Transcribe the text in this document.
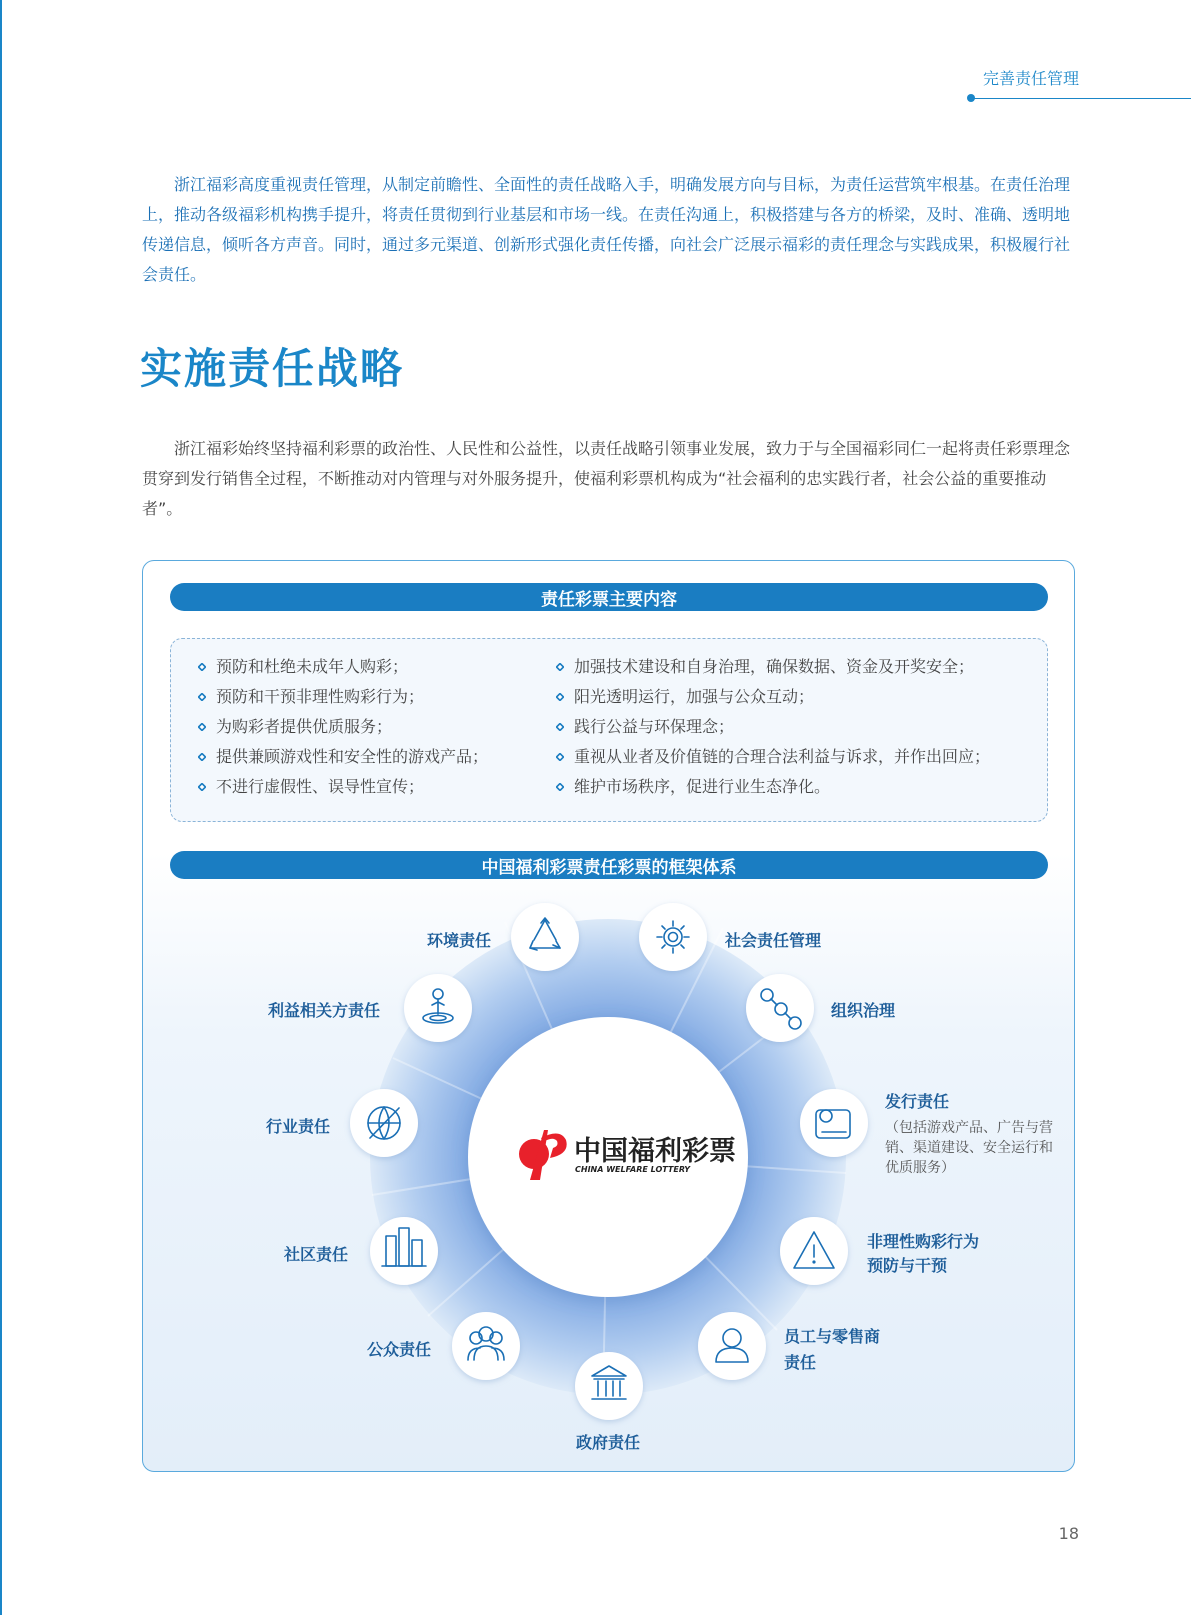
完善责任管理

浙江福彩高度重视责任管理，从制定前瞻性、全面性的责任战略入手，明确发展方向与目标，为责任运营筑牢根基。在责任治理上，推动各级福彩机构携手提升，将责任贯彻到行业基层和市场一线。在责任沟通上，积极搭建与各方的桥梁，及时、准确、透明地传递信息，倾听各方声音。同时，通过多元渠道、创新形式强化责任传播，向社会广泛展示福彩的责任理念与实践成果，积极履行社会责任。

实施责任战略

浙江福彩始终坚持福利彩票的政治性、人民性和公益性，以责任战略引领事业发展，致力于与全国福彩同仁一起将责任彩票理念贯穿到发行销售全过程，不断推动对内管理与对外服务提升，使福利彩票机构成为“社会福利的忠实践行者，社会公益的重要推动者”。

责任彩票主要内容
预防和杜绝未成年人购彩；
预防和干预非理性购彩行为；
为购彩者提供优质服务；
提供兼顾游戏性和安全性的游戏产品；
不进行虚假性、误导性宣传；
加强技术建设和自身治理，确保数据、资金及开奖安全；
阳光透明运行，加强与公众互动；
践行公益与环保理念；
重视从业者及价值链的合理合法利益与诉求，并作出回应；
维护市场秩序，促进行业生态净化。
中国福利彩票责任彩票的框架体系
中国福利彩票
CHINA WELFARE LOTTERY
环境责任	社会责任管理
组织治理
发行责任
（包括游戏产品、广告与营销、渠道建设、安全运行和优质服务）
非理性购彩行为
预防与干预
员工与零售商
责任
政府责任
公众责任
社区责任
行业责任
利益相关方责任
18
